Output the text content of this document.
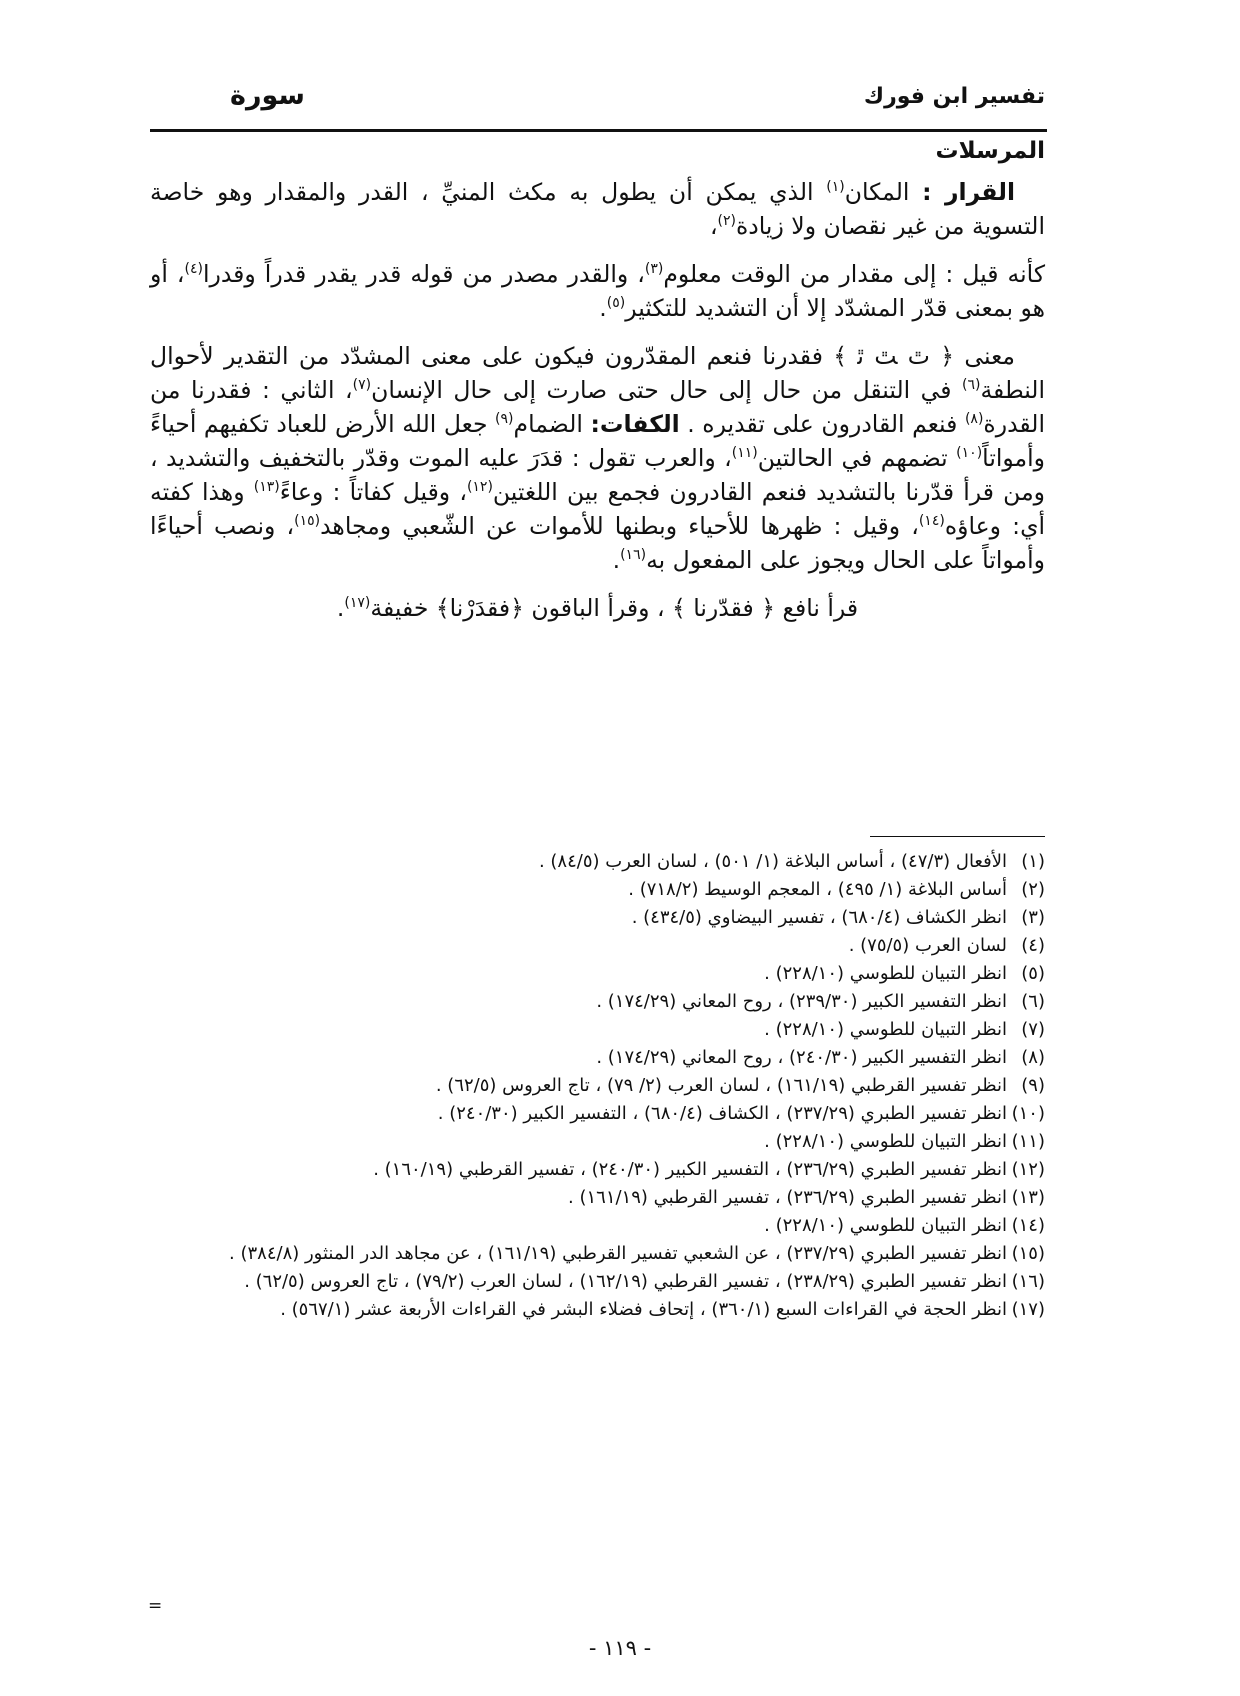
تفسير ابن فورك
سورة
المرسلات

القرار : المكان$^{(١)}$ الذي يمكن أن يطول به مكث المنيِّ ، القدر والمقدار وهو خاصة التسوية من غير نقصان ولا زيادة$^{(٢)}$،

كأنه قيل : إلى مقدار من الوقت معلوم$^{(٣)}$، والقدر مصدر من قوله قدر يقدر قدراً وقدرا$^{(٤)}$، أو هو بمعنى قدّر المشدّد إلا أن التشديد للتكثير$^{(٥)}$.

معنى ﴿ ﭢ ﭣ ﭤ ﴾ فقدرنا فنعم المقدّرون فيكون على معنى المشدّد من التقدير لأحوال النطفة$^{(٦)}$ في التنقل من حال إلى حال حتى صارت إلى حال الإنسان$^{(٧)}$، الثاني : فقدرنا من القدرة$^{(٨)}$ فنعم القادرون على تقديره . الكفات: الضمام$^{(٩)}$ جعل الله الأرض للعباد تكفيهم أحياءً وأمواتاً$^{(١٠)}$ تضمهم في الحالتين$^{(١١)}$، والعرب تقول : قدَرَ عليه الموت وقدّر بالتخفيف والتشديد ، ومن قرأ قدّرنا بالتشديد فنعم القادرون فجمع بين اللغتين$^{(١٢)}$، وقيل كفاتاً : وعاءً$^{(١٣)}$ وهذا كفته أي: وعاؤه$^{(١٤)}$، وقيل : ظهرها للأحياء وبطنها للأموات عن الشّعبي ومجاهد$^{(١٥)}$، ونصب أحياءًا وأمواتاً على الحال ويجوز على المفعول به$^{(١٦)}$.

قرأ نافع ﴿ فقدّرنا ﴾ ، وقرأ الباقون ﴿فقدَرْنا﴾ خفيفة$^{(١٧)}$.

(١)الأفعال (٤٧/٣) ، أساس البلاغة (١/ ٥٠١) ، لسان العرب (٨٤/٥) .

(٢)أساس البلاغة (١/ ٤٩٥) ، المعجم الوسيط (٧١٨/٢) .

(٣)انظر الكشاف (٦٨٠/٤) ، تفسير البيضاوي (٤٣٤/٥) .

(٤)لسان العرب (٧٥/٥) .

(٥)انظر التبيان للطوسي (٢٢٨/١٠) .

(٦)انظر التفسير الكبير (٢٣٩/٣٠) ، روح المعاني (١٧٤/٢٩) .

(٧)انظر التبيان للطوسي (٢٢٨/١٠) .

(٨)انظر التفسير الكبير (٢٤٠/٣٠) ، روح المعاني (١٧٤/٢٩) .

(٩)انظر تفسير القرطبي (١٦١/١٩) ، لسان العرب (٢/ ٧٩) ، تاج العروس (٦٢/٥) .

(١٠)انظر تفسير الطبري (٢٣٧/٢٩) ، الكشاف (٦٨٠/٤) ، التفسير الكبير (٢٤٠/٣٠) .

(١١)انظر التبيان للطوسي (٢٢٨/١٠) .

(١٢)انظر تفسير الطبري (٢٣٦/٢٩) ، التفسير الكبير (٢٤٠/٣٠) ، تفسير القرطبي (١٦٠/١٩) .

(١٣)انظر تفسير الطبري (٢٣٦/٢٩) ، تفسير القرطبي (١٦١/١٩) .

(١٤)انظر التبيان للطوسي (٢٢٨/١٠) .

(١٥)انظر تفسير الطبري (٢٣٧/٢٩) ، عن الشعبي تفسير القرطبي (١٦١/١٩) ، عن مجاهد الدر المنثور (٣٨٤/٨) .

(١٦)انظر تفسير الطبري (٢٣٨/٢٩) ، تفسير القرطبي (١٦٢/١٩) ، لسان العرب (٧٩/٢) ، تاج العروس (٦٢/٥) .

(١٧)انظر الحجة في القراءات السبع (٣٦٠/١) ، إتحاف فضلاء البشر في القراءات الأربعة عشر (٥٦٧/١) .

=
- ١١٩ -
